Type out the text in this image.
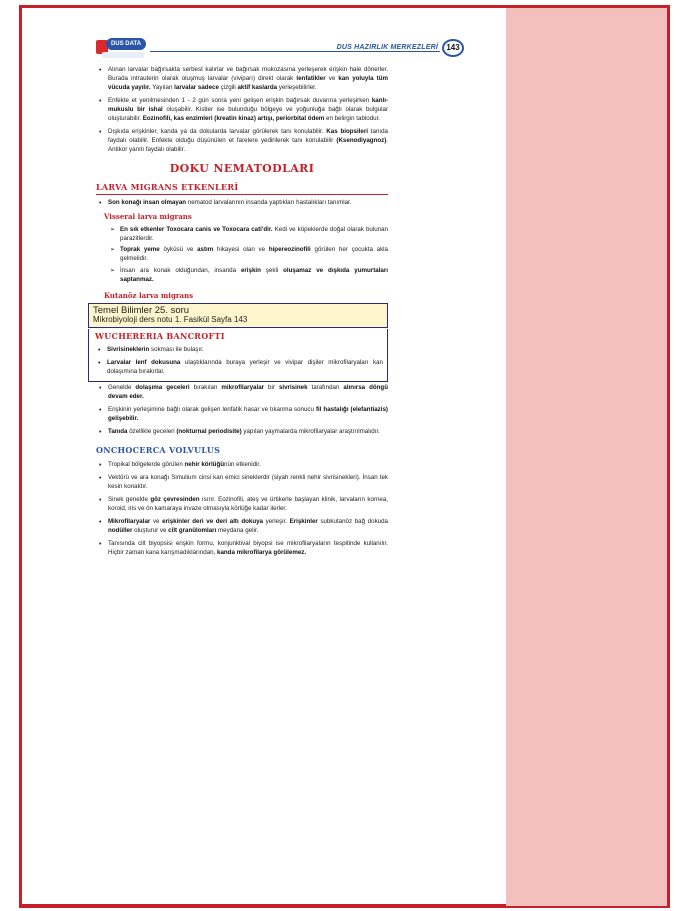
DUS DATA	DUS HAZIRLIK MERKEZLERİ	143
• Alınan larvalar bağırsakta serbest kalırlar ve bağırsak mukozasına yerleşerek erişkin hale dönerler. Burada intrauterin olarak oluşmuş larvalar (viviparı) direkt olarak lenfatikler ve kan yoluyla tüm vücuda yayılır. Yayılan larvalar sadece çizgili aktif kaslarda yerleşebilirler.
• Enfekte et yenilmesinden 1 - 2 gün sonra yeni gelişen erişkin bağırsak duvarına yerleşirken kanlı-mukuslu bir ishal oluşabilir. Kistler ise bulunduğu bölgeye ve yoğunluğa bağlı olarak bulgular oluşturabilir. Eozinofili, kas enzimleri (kreatin kinaz) artışı, periorbital ödem en belirgin tablodur.
• Dışkıda erişkinler, kanda ya da dokularda larvalar görülerek tanı konulabilir. Kas biopsileri tanıda faydalı olabilir. Enfekte olduğu düşünülen et farelere yedirilerek tanı konulabilir (Ksenodiyagnoz). Antikor yanıtı faydalı olabilir.
DOKU NEMATODLARI
LARVA MIGRANS ETKENLERİ
• Son konağı insan olmayan nematod larvalarının insanda yaptıkları hastalıkları tanımlar.
Visseral larva migrans
➢ En sık etkenler Toxocara canis ve Toxocara cati'dir. Kedi ve köpeklerde doğal olarak bulunan parazitlerdir.
➢ Toprak yeme öyküsü ve astım hikayesi olan ve hipereozinofili görülen her çocukta akla gelmelidir.
➢ İnsan ara konak olduğundan, insanda erişkin şekli oluşamaz ve dışkıda yumurtaları saptanmaz.
Kutanöz larva migrans
Temel Bilimler 25. soru
Mikrobiyoloji ders notu 1. Fasikül Sayfa 143
WUCHERERIA BANCROFTI
• Sivrisineklerin sokması ile bulaşır.
• Larvalar lenf dokusuna ulaştıklarında buraya yerleşir ve vivipar dişiler mikrofilaryaları kan dolaşımına bırakırlar.
• Genelde dolaşıma geceleri bırakılan mikrofilaryalar bir sivrisinek tarafından alınırsa döngü devam eder.
• Erişkinin yerleşimine bağlı olarak gelişen lenfatik hasar ve tıkanma sonucu fil hastalığı (elefantiazis) gelişebilir.
• Tanıda özellikle geceleri (nokturnal periodisite) yapılan yaymalarda mikrofilaryalar araştırılmalıdır.
ONCHOCERCA VOLVULUS
• Tropikal bölgelerde görülen nehir körlüğünün etkenidir.
• Vektörü ve ara konağı Simulium cinsi kan emici sineklerdir (siyah renkli nehir sivrisinekleri). İnsan tek kesin konaktır.
• Sinek genelde göz çevresinden ısırır. Eozinofili, ateş ve ürtikerle başlayan klinik, larvaların kornea, koroid, iris ve ön kamaraya invaze olmasıyla körlüğe kadar ilerler.
• Mikrofilaryalar ve erişkinler deri ve deri altı dokuya yerleşir. Erişkinler subkutanöz bağ dokuda nodüller oluşturur ve cilt granülomları meydana gelir.
• Tanısında cilt biyopsisi erişkin formu, konjunktival biyopsi ise mikrofilaryaların tespitinde kullanılır. Hiçbir zaman kana karışmadıklarından, kanda mikrofilarya görülemez.
